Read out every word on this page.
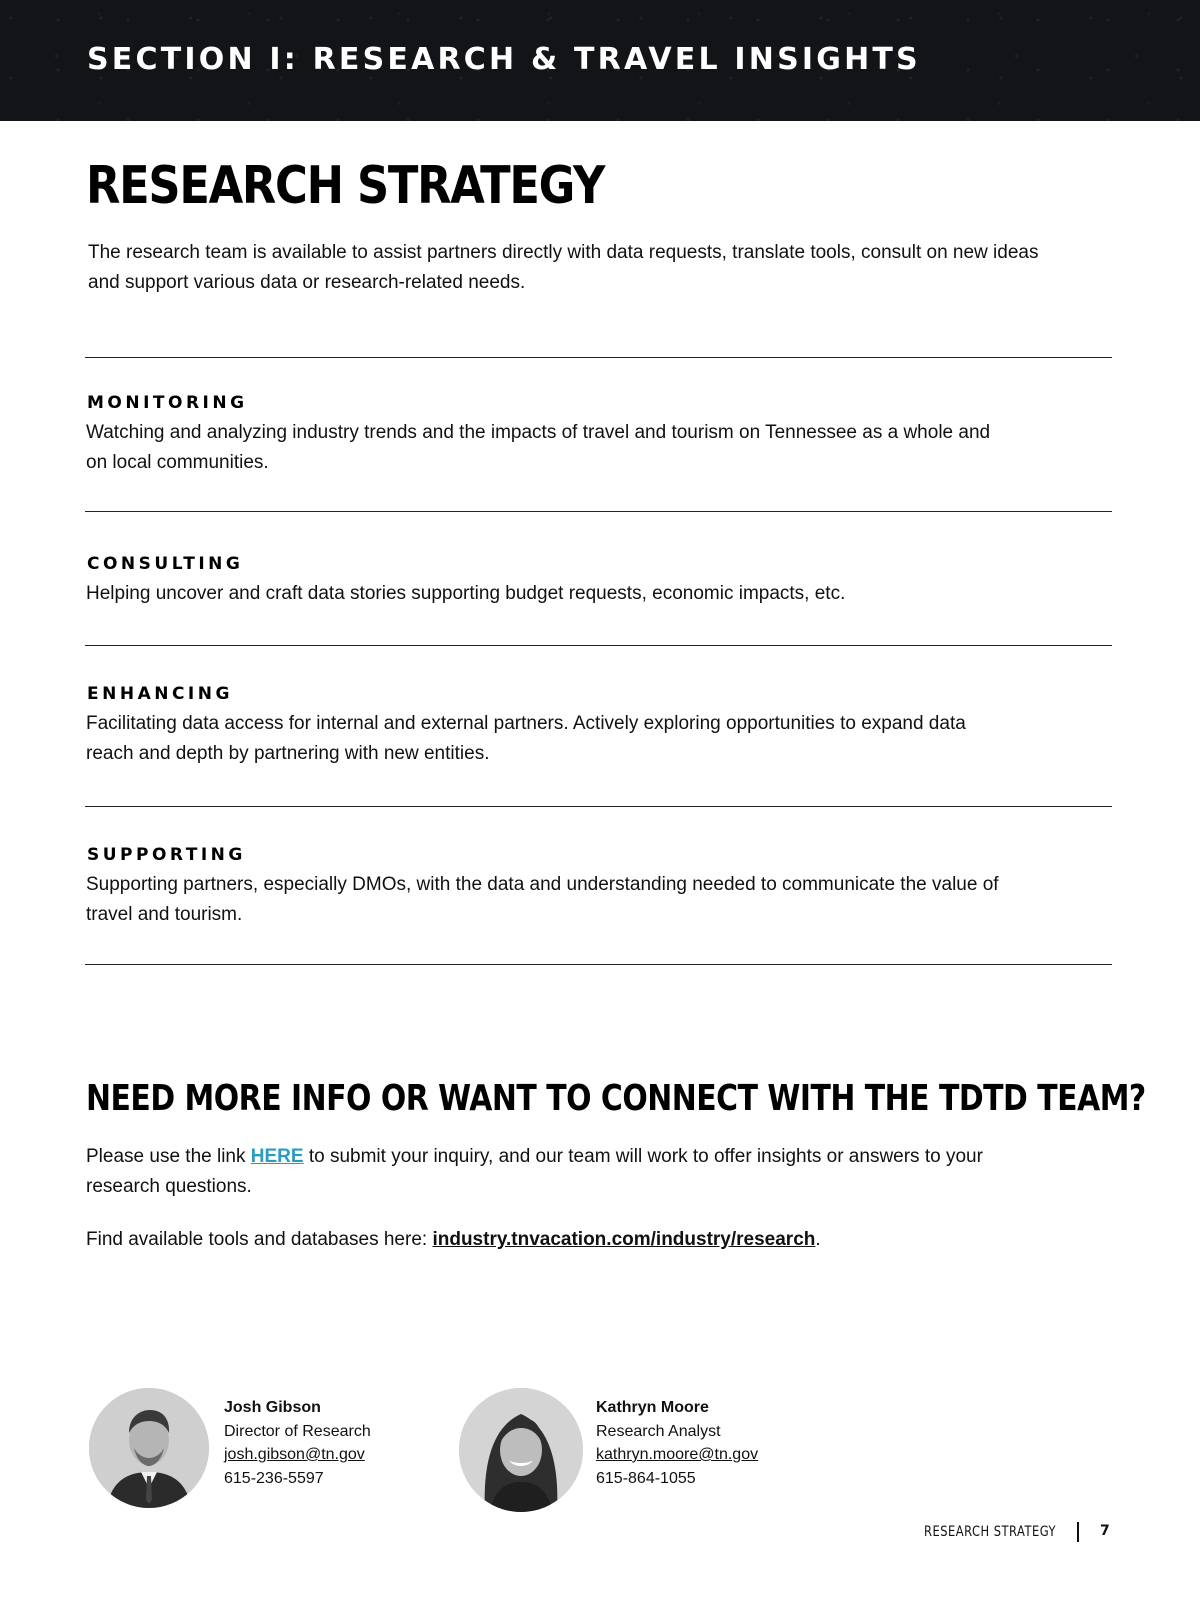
SECTION I: RESEARCH & TRAVEL INSIGHTS
RESEARCH STRATEGY

The research team is available to assist partners directly with data requests, translate tools, consult on new ideas and support various data or research-related needs.

MONITORING

Watching and analyzing industry trends and the impacts of travel and tourism on Tennessee as a whole and on local communities.

CONSULTING

Helping uncover and craft data stories supporting budget requests, economic impacts, etc.

ENHANCING

Facilitating data access for internal and external partners. Actively exploring opportunities to expand data reach and depth by partnering with new entities.

SUPPORTING

Supporting partners, especially DMOs, with the data and understanding needed to communicate the value of travel and tourism.

NEED MORE INFO OR WANT TO CONNECT WITH THE TDTD TEAM?

Please use the link HERE to submit your inquiry, and our team will work to offer insights or answers to your research questions.

Find available tools and databases here: industry.tnvacation.com/industry/research.

Josh Gibson
Director of Research
josh.gibson@tn.gov
615-236-5597
Kathryn Moore
Research Analyst
kathryn.moore@tn.gov
615-864-1055
RESEARCH STRATEGY	7
